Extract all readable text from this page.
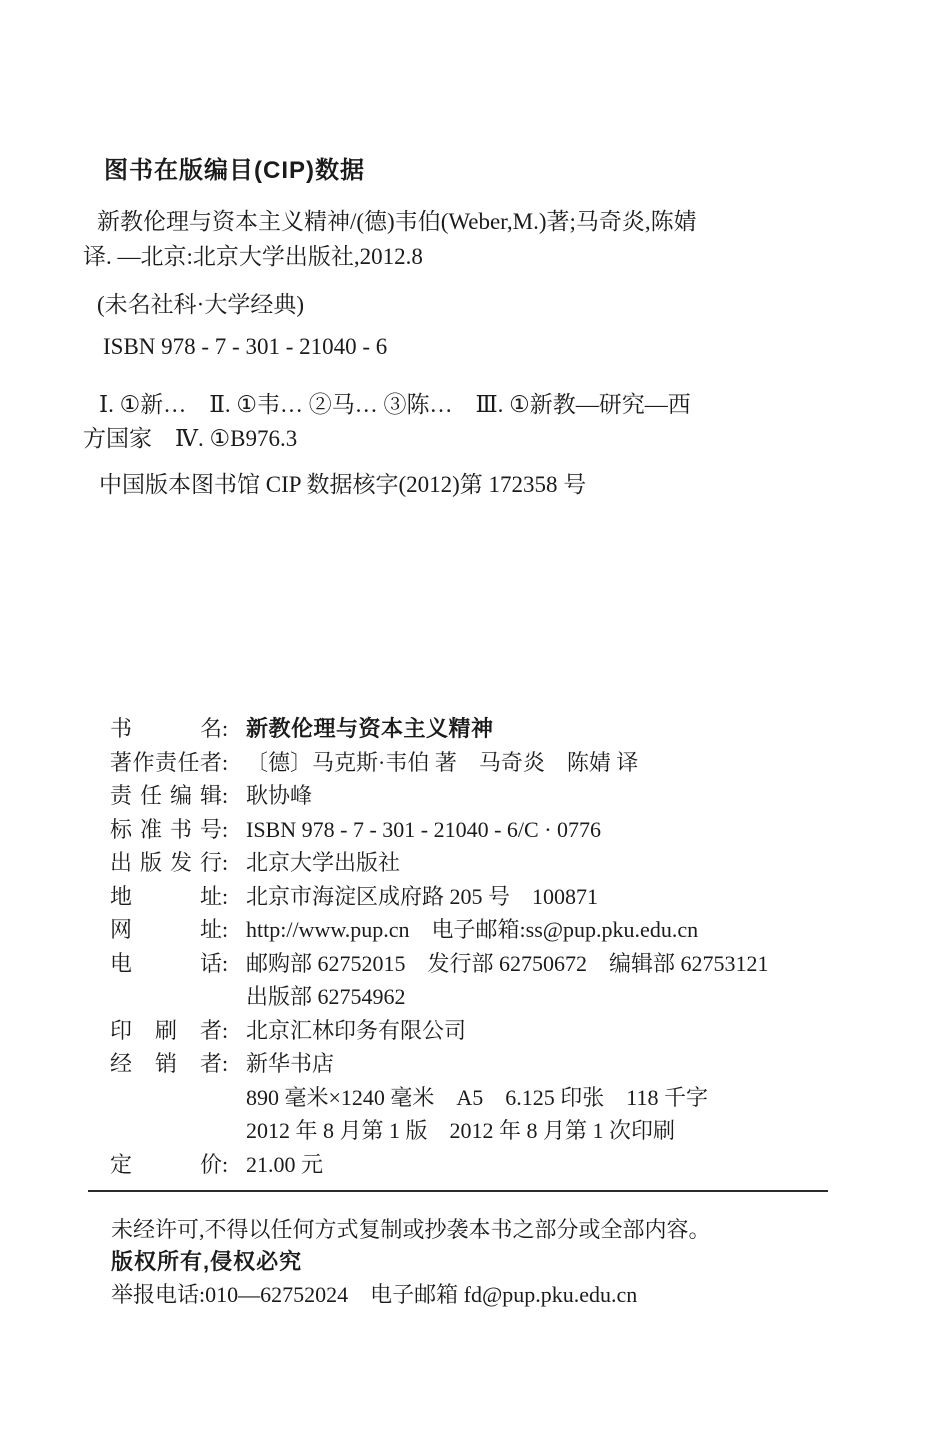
图书在版编目(CIP)数据
新教伦理与资本主义精神/(德)韦伯(Weber,M.)著;马奇炎,陈婧
译. —北京:北京大学出版社,2012.8
(未名社科·大学经典)
ISBN 978 - 7 - 301 - 21040 - 6
Ⅰ. ①新…　Ⅱ. ①韦… ②马… ③陈…　Ⅲ. ①新教—研究—西
方国家　Ⅳ. ①B976.3
中国版本图书馆 CIP 数据核字(2012)第 172358 号
书名: 新教伦理与资本主义精神
著作责任者: 〔德〕马克斯·韦伯 著　马奇炎　陈婧 译
责任编辑: 耿协峰
标准书号: ISBN 978 - 7 - 301 - 21040 - 6/C · 0776
出版发行: 北京大学出版社
地址: 北京市海淀区成府路 205 号　100871
网址: http://www.pup.cn　电子邮箱:ss@pup.pku.edu.cn
电话: 邮购部 62752015　发行部 62750672　编辑部 62753121
出版部 62754962
印刷者: 北京汇林印务有限公司
经销者: 新华书店
890 毫米×1240 毫米　A5　6.125 印张　118 千字
2012 年 8 月第 1 版　2012 年 8 月第 1 次印刷
定价: 21.00 元
未经许可,不得以任何方式复制或抄袭本书之部分或全部内容。
版权所有,侵权必究
举报电话:010—62752024　电子邮箱 fd@pup.pku.edu.cn
